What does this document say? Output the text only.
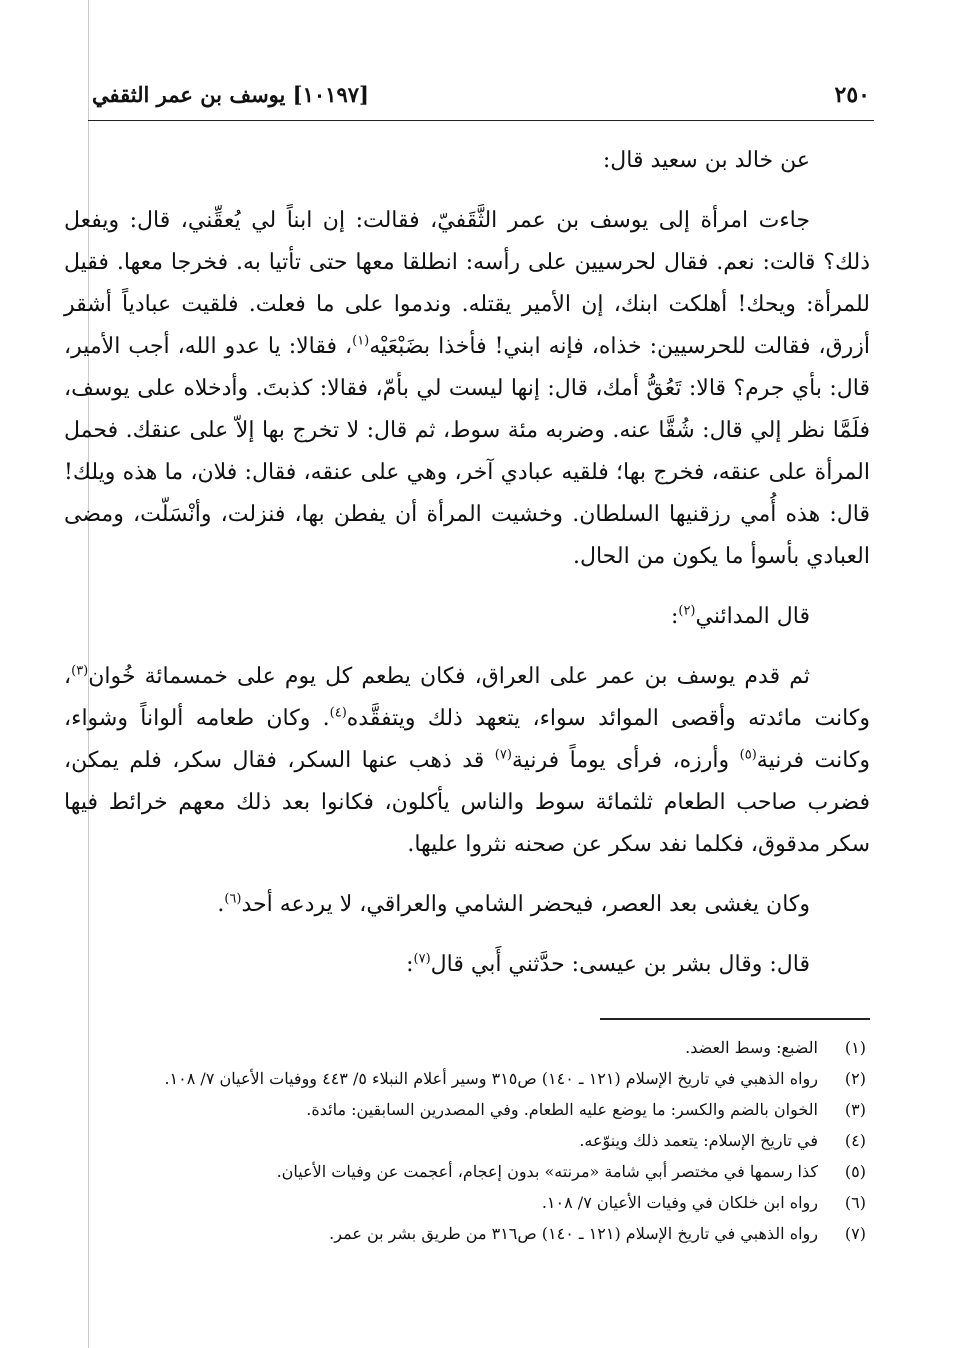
٢٥٠
[١٠١٩٧] يوسف بن عمر الثقفي

عن خالد بن سعيد قال:

جاءت امرأة إلى يوسف بن عمر الثَّقَفيّ، فقالت: إن ابناً لي يُعقِّني، قال: ويفعل ذلك؟ قالت: نعم. فقال لحرسيين على رأسه: انطلقا معها حتى تأتيا به. فخرجا معها. فقيل للمرأة: ويحك! أهلكت ابنك، إن الأمير يقتله. وندموا على ما فعلت. فلقيت عبادياً أشقر أزرق، فقالت للحرسيين: خذاه، فإنه ابني! فأخذا بضَبْعَيْه$^{(١)}$، فقالا: يا عدو الله، أجب الأمير، قال: بأي جرم؟ قالا: تَعُقُّ أمك، قال: إنها ليست لي بأمّ، فقالا: كذبتَ. وأدخلاه على يوسف، فلَمَّا نظر إلي قال: شُقَّا عنه. وضربه مئة سوط، ثم قال: لا تخرج بها إلاّ على عنقك. فحمل المرأة على عنقه، فخرج بها؛ فلقيه عبادي آخر، وهي على عنقه، فقال: فلان، ما هذه ويلك! قال: هذه أُمي رزقنيها السلطان. وخشيت المرأة أن يفطن بها، فنزلت، وأنْسَلّت، ومضى العبادي بأسوأ ما يكون من الحال.

قال المدائني$^{(٢)}$:

ثم قدم يوسف بن عمر على العراق، فكان يطعم كل يوم على خمسمائة خُوان$^{(٣)}$، وكانت مائدته وأقصى الموائد سواء، يتعهد ذلك ويتفقَّده$^{(٤)}$. وكان طعامه ألواناً وشواء، وكانت فرنية$^{(٥)}$ وأرزه، فرأى يوماً فرنية$^{(٧)}$ قد ذهب عنها السكر، فقال سكر، فلم يمكن، فضرب صاحب الطعام ثلثمائة سوط والناس يأكلون، فكانوا بعد ذلك معهم خرائط فيها سكر مدقوق، فكلما نفد سكر عن صحنه نثروا عليها.

وكان يغشى بعد العصر، فيحضر الشامي والعراقي، لا يردعه أحد$^{(٦)}$.

قال: وقال بشر بن عيسى: حدَّثني أَبي قال$^{(٧)}$:

(١)
الضبع: وسط العضد.
(٢)
رواه الذهبي في تاريخ الإسلام (١٢١ ـ ١٤٠) ص٣١٥ وسير أعلام النبلاء ٥/ ٤٤٣ ووفيات الأعيان ٧/ ١٠٨.
(٣)
الخوان بالضم والكسر: ما يوضع عليه الطعام. وفي المصدرين السابقين: مائدة.
(٤)
في تاريخ الإسلام: يتعمد ذلك وينوّعه.
(٥)
كذا رسمها في مختصر أبي شامة «مرنته» بدون إعجام، أعجمت عن وفيات الأعيان.
(٦)
رواه ابن خلكان في وفيات الأعيان ٧/ ١٠٨.
(٧)
رواه الذهبي في تاريخ الإسلام (١٢١ ـ ١٤٠) ص٣١٦ من طريق بشر بن عمر.
